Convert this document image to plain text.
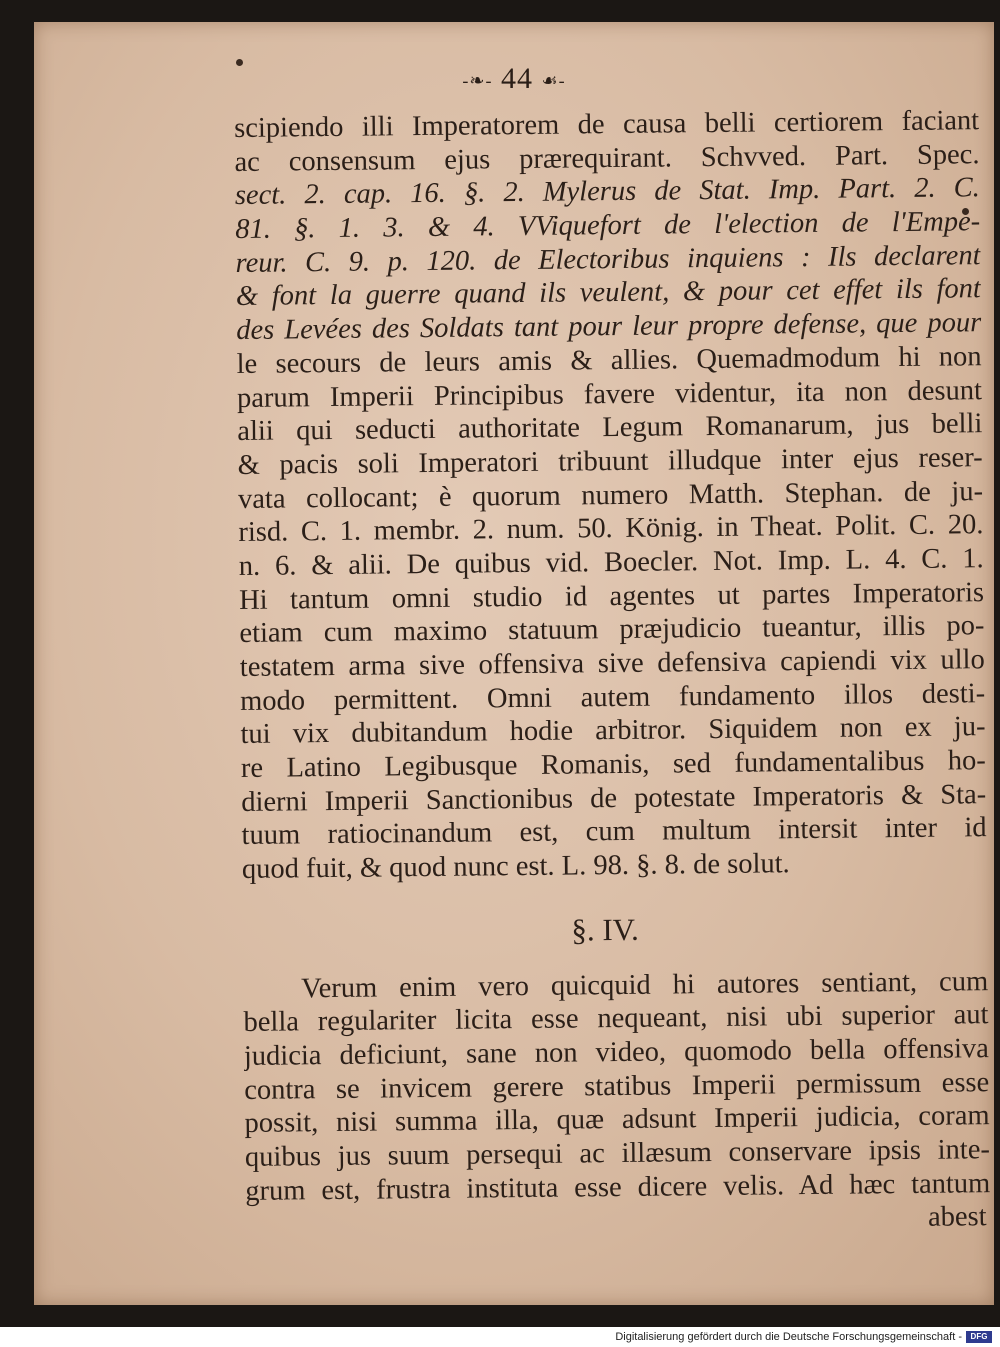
-❧- 44 ☙-
scipiendo illi Imperatorem de causa belli certiorem faciant
ac consensum ejus prærequirant. Schvved. Part. Spec.
sect. 2. cap. 16. §. 2. Mylerus de Stat. Imp. Part. 2. C.
81. §. 1. 3. & 4. VViquefort de l'election de l'Empe-
reur. C. 9. p. 120. de Electoribus inquiens : Ils declarent
& font la guerre quand ils veulent, & pour cet effet ils font
des Levées des Soldats tant pour leur propre defense, que pour
le secours de leurs amis & allies. Quemadmodum hi non
parum Imperii Principibus favere videntur, ita non desunt
alii qui seducti authoritate Legum Romanarum, jus belli
& pacis soli Imperatori tribuunt illudque inter ejus reser-
vata collocant; è quorum numero Matth. Stephan. de ju-
risd. C. 1. membr. 2. num. 50. König. in Theat. Polit. C. 20.
n. 6. & alii. De quibus vid. Boecler. Not. Imp. L. 4. C. 1.
Hi tantum omni studio id agentes ut partes Imperatoris
etiam cum maximo statuum præjudicio tueantur, illis po-
testatem arma sive offensiva sive defensiva capiendi vix ullo
modo permittent. Omni autem fundamento illos desti-
tui vix dubitandum hodie arbitror. Siquidem non ex ju-
re Latino Legibusque Romanis, sed fundamentalibus ho-
dierni Imperii Sanctionibus de potestate Imperatoris & Sta-
tuum ratiocinandum est, cum multum intersit inter id
quod fuit, & quod nunc est. L. 98. §. 8. de solut.
§. IV.
Verum enim vero quicquid hi autores sentiant, cum
bella regulariter licita esse nequeant, nisi ubi superior aut
judicia deficiunt, sane non video, quomodo bella offensiva
contra se invicem gerere statibus Imperii permissum esse
possit, nisi summa illa, quæ adsunt Imperii judicia, coram
quibus jus suum persequi ac illæsum conservare ipsis inte-
grum est, frustra instituta esse dicere velis. Ad hæc tantum
abest
Digitalisierung gefördert durch die Deutsche Forschungsgemeinschaft - DFG
